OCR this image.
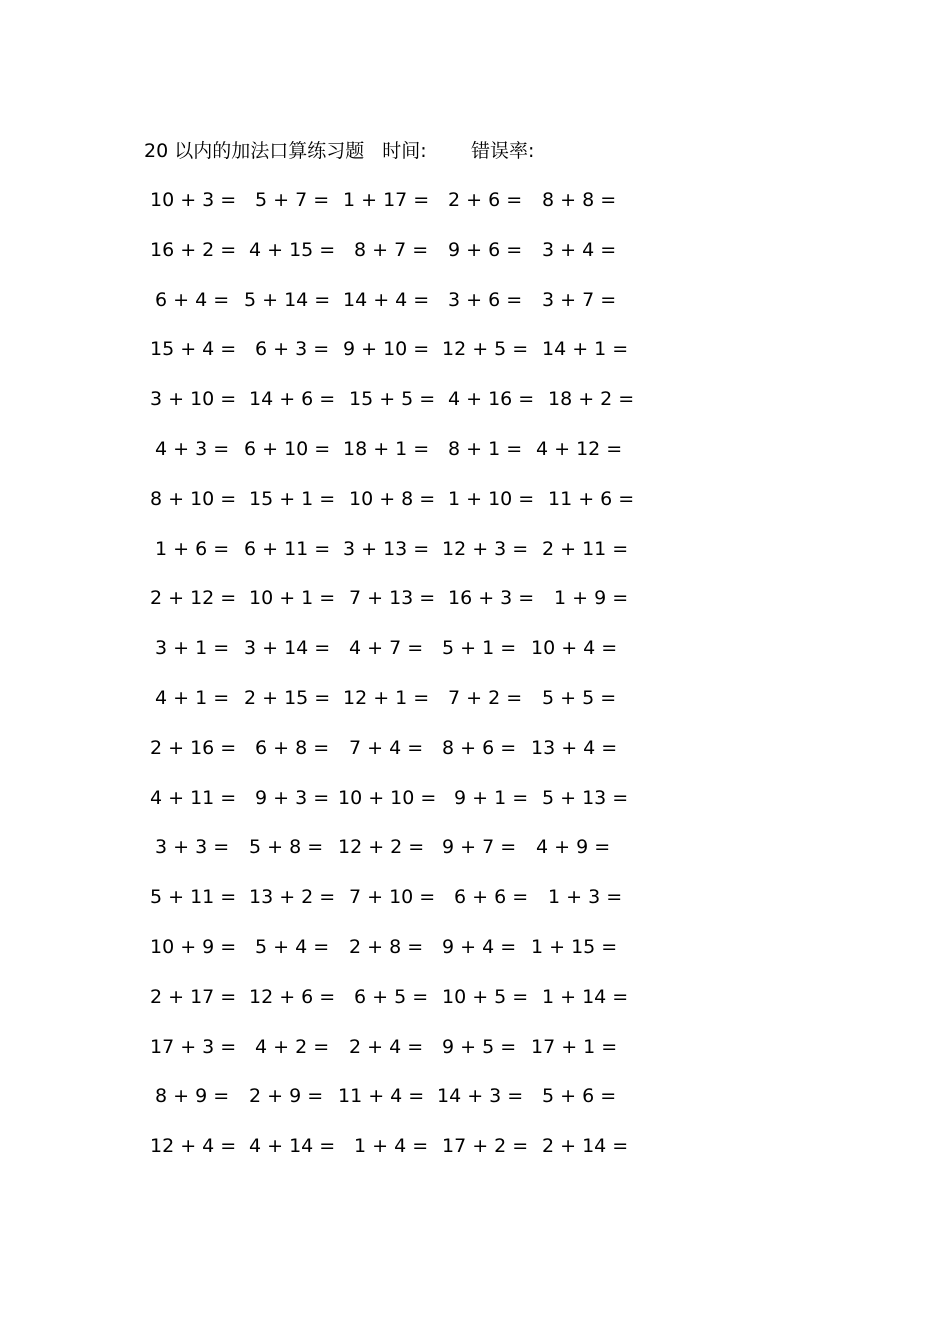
20 以内的加法口算练习题 时间: 错误率:
10 + 3 = 5 + 7 = 1 + 17 = 2 + 6 = 8 + 8 =
16 + 2 = 4 + 15 = 8 + 7 = 9 + 6 = 3 + 4 =
6 + 4 = 5 + 14 = 14 + 4 = 3 + 6 = 3 + 7 =
15 + 4 = 6 + 3 = 9 + 10 = 12 + 5 = 14 + 1 =
3 + 10 = 14 + 6 = 15 + 5 = 4 + 16 = 18 + 2 =
4 + 3 = 6 + 10 = 18 + 1 = 8 + 1 = 4 + 12 =
8 + 10 = 15 + 1 = 10 + 8 = 1 + 10 = 11 + 6 =
1 + 6 = 6 + 11 = 3 + 13 = 12 + 3 = 2 + 11 =
2 + 12 = 10 + 1 = 7 + 13 = 16 + 3 = 1 + 9 =
3 + 1 = 3 + 14 = 4 + 7 = 5 + 1 = 10 + 4 =
4 + 1 = 2 + 15 = 12 + 1 = 7 + 2 = 5 + 5 =
2 + 16 = 6 + 8 = 7 + 4 = 8 + 6 = 13 + 4 =
4 + 11 = 9 + 3 = 10 + 10 = 9 + 1 = 5 + 13 =
3 + 3 = 5 + 8 = 12 + 2 = 9 + 7 = 4 + 9 =
5 + 11 = 13 + 2 = 7 + 10 = 6 + 6 = 1 + 3 =
10 + 9 = 5 + 4 = 2 + 8 = 9 + 4 = 1 + 15 =
2 + 17 = 12 + 6 = 6 + 5 = 10 + 5 = 1 + 14 =
17 + 3 = 4 + 2 = 2 + 4 = 9 + 5 = 17 + 1 =
8 + 9 = 2 + 9 = 11 + 4 = 14 + 3 = 5 + 6 =
12 + 4 = 4 + 14 = 1 + 4 = 17 + 2 = 2 + 14 =
